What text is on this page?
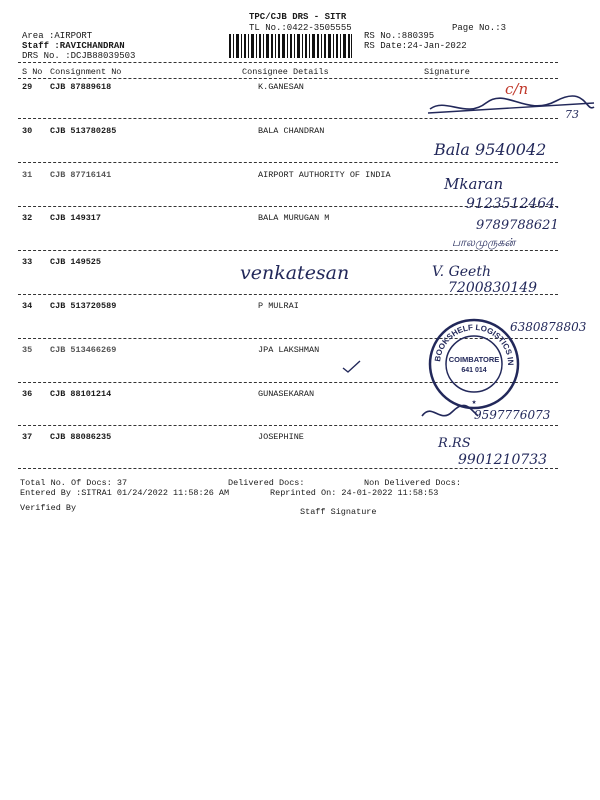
TPC/CJB DRS - SITR
TL No.:0422-3505555	Page No.:3
Area :AIRPORT
Staff :RAVICHANDRAN
DRS No. :DCJB88039503
RS No.:880395
RS Date:24-Jan-2022
S No Consignment No	Consignee Details	Signature
29 CJB 87889618	K.GANESAN
30 CJB 513780285	BALA CHANDRAN
31 CJB 87716141	AIRPORT AUTHORITY OF INDIA
32 CJB 149317	BALA MURUGAN M
33 CJB 149525
34 CJB 513720589	P MULRAI
35 CJB 513466269	JPA LAKSHMAN
36 CJB 88101214	GUNASEKARAN
37 CJB 88086235	JOSEPHINE
c/n
73
Bala 9540042
Mkaran
9123512464.
9789788621
பாலமுருகன்
venkatesan	V. Geeth
7200830149
6380878803
BOOKSHELF LOGISTICS INDIA PVT LTD
COIMBATORE
641 014
★
9597776073
R.RS
9901210733
Total No. Of Docs: 37	Delivered Docs:	Non Delivered Docs:
Entered By :SITRA1 01/24/2022 11:58:26 AM	Reprinted On: 24-01-2022 11:58:53
Verified By	Staff Signature
